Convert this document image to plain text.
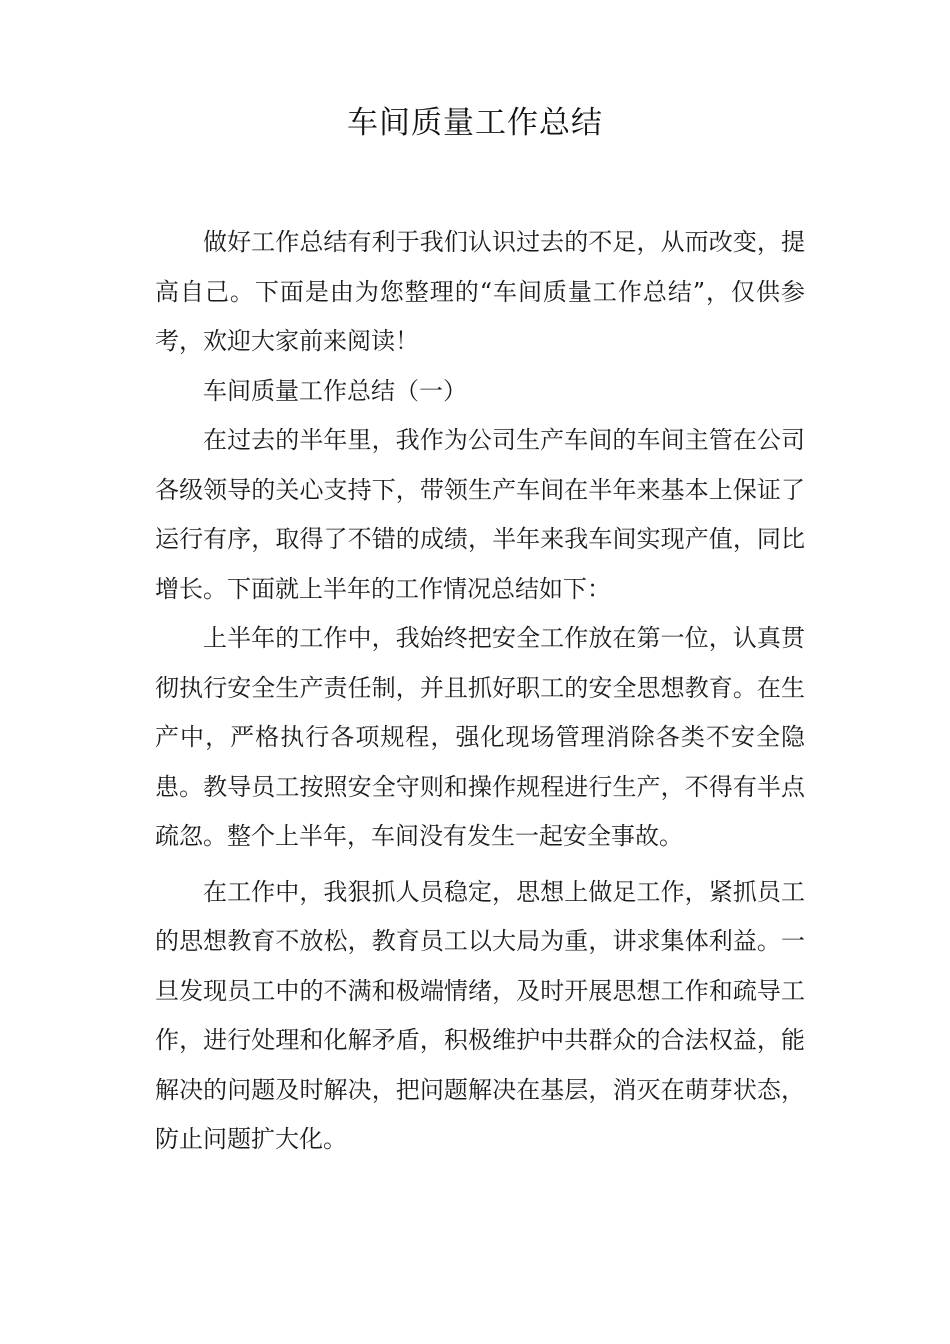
车间质量工作总结

做好工作总结有利于我们认识过去的不足，从而改变，提高自己。下面是由为您整理的“车间质量工作总结”，仅供参考，欢迎大家前来阅读！

车间质量工作总结（一）

在过去的半年里，我作为公司生产车间的车间主管在公司各级领导的关心支持下，带领生产车间在半年来基本上保证了运行有序，取得了不错的成绩，半年来我车间实现产值，同比增长。下面就上半年的工作情况总结如下：

上半年的工作中，我始终把安全工作放在第一位，认真贯彻执行安全生产责任制，并且抓好职工的安全思想教育。在生产中，严格执行各项规程，强化现场管理消除各类不安全隐患。教导员工按照安全守则和操作规程进行生产，不得有半点疏忽。整个上半年，车间没有发生一起安全事故。

在工作中，我狠抓人员稳定，思想上做足工作，紧抓员工的思想教育不放松，教育员工以大局为重，讲求集体利益。一旦发现员工中的不满和极端情绪，及时开展思想工作和疏导工作，进行处理和化解矛盾，积极维护中共群众的合法权益，能解决的问题及时解决，把问题解决在基层，消灭在萌芽状态，防止问题扩大化。
